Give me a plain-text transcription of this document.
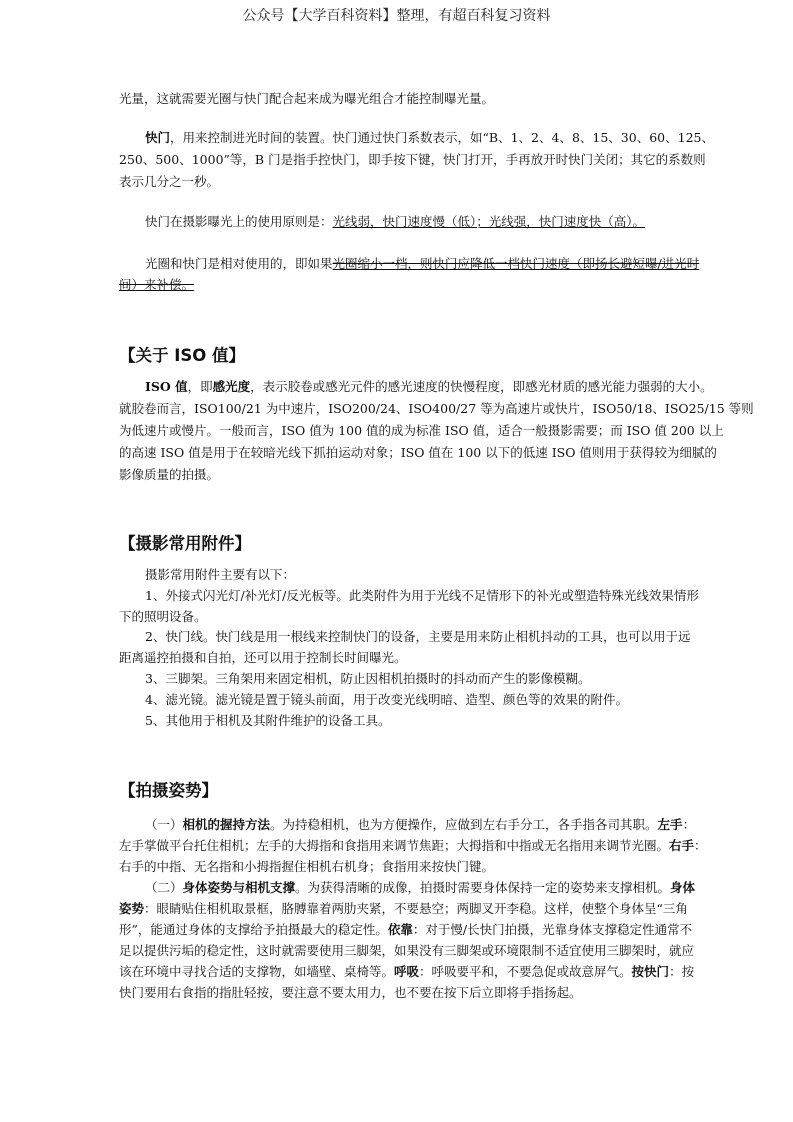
公众号【大学百科资料】整理，有超百科复习资料
光量，这就需要光圈与快门配合起来成为曝光组合才能控制曝光量。
快门，用来控制进光时间的装置。快门通过快门系数表示，如“B、1、2、4、8、15、30、60、125、
250、500、1000”等，B 门是指手控快门，即手按下键，快门打开，手再放开时快门关闭；其它的系数则
表示几分之一秒。
快门在摄影曝光上的使用原则是：光线弱，快门速度慢（低）；光线强，快门速度快（高）。
光圈和快门是相对使用的，即如果光圈缩小一档，则快门应降低一档快门速度（即扬长避短曝/进光时
间）来补偿。
【关于 ISO 值】
ISO 值，即感光度，表示胶卷或感光元件的感光速度的快慢程度，即感光材质的感光能力强弱的大小。
就胶卷而言，ISO100/21 为中速片，ISO200/24、ISO400/27 等为高速片或快片，ISO50/18、ISO25/15 等则
为低速片或慢片。一般而言，ISO 值为 100 值的成为标准 ISO 值，适合一般摄影需要；而 ISO 值 200 以上
的高速 ISO 值是用于在较暗光线下抓拍运动对象；ISO 值在 100 以下的低速 ISO 值则用于获得较为细腻的
影像质量的拍摄。
【摄影常用附件】
摄影常用附件主要有以下：
1、外接式闪光灯/补光灯/反光板等。此类附件为用于光线不足情形下的补光或塑造特殊光线效果情形
下的照明设备。
2、快门线。快门线是用一根线来控制快门的设备，主要是用来防止相机抖动的工具，也可以用于远
距离遥控拍摄和自拍，还可以用于控制长时间曝光。
3、三脚架。三角架用来固定相机，防止因相机拍摄时的抖动而产生的影像模糊。
4、滤光镜。滤光镜是置于镜头前面，用于改变光线明暗、造型、颜色等的效果的附件。
5、其他用于相机及其附件维护的设备工具。
【拍摄姿势】
（一）相机的握持方法。为持稳相机，也为方便操作，应做到左右手分工，各手指各司其职。左手：
左手掌做平台托住相机；左手的大拇指和食指用来调节焦距；大拇指和中指或无名指用来调节光圈。右手：
右手的中指、无名指和小拇指握住相机右机身；食指用来按快门键。
（二）身体姿势与相机支撑。为获得清晰的成像，拍摄时需要身体保持一定的姿势来支撑相机。身体
姿势：眼睛贴住相机取景框，胳膊靠着两肋夹紧，不要悬空；两脚叉开李稳。这样，使整个身体呈“三角
形”，能通过身体的支撑给予拍摄最大的稳定性。依靠：对于慢/长快门拍摄，光靠身体支撑稳定性通常不
足以提供污垢的稳定性，这时就需要使用三脚架，如果没有三脚架或环境限制不适宜使用三脚架时，就应
该在环境中寻找合适的支撑物，如墙壁、桌椅等。呼吸：呼吸要平和，不要急促或故意屏气。按快门：按
快门要用右食指的指肚轻按，要注意不要太用力，也不要在按下后立即将手指扬起。
